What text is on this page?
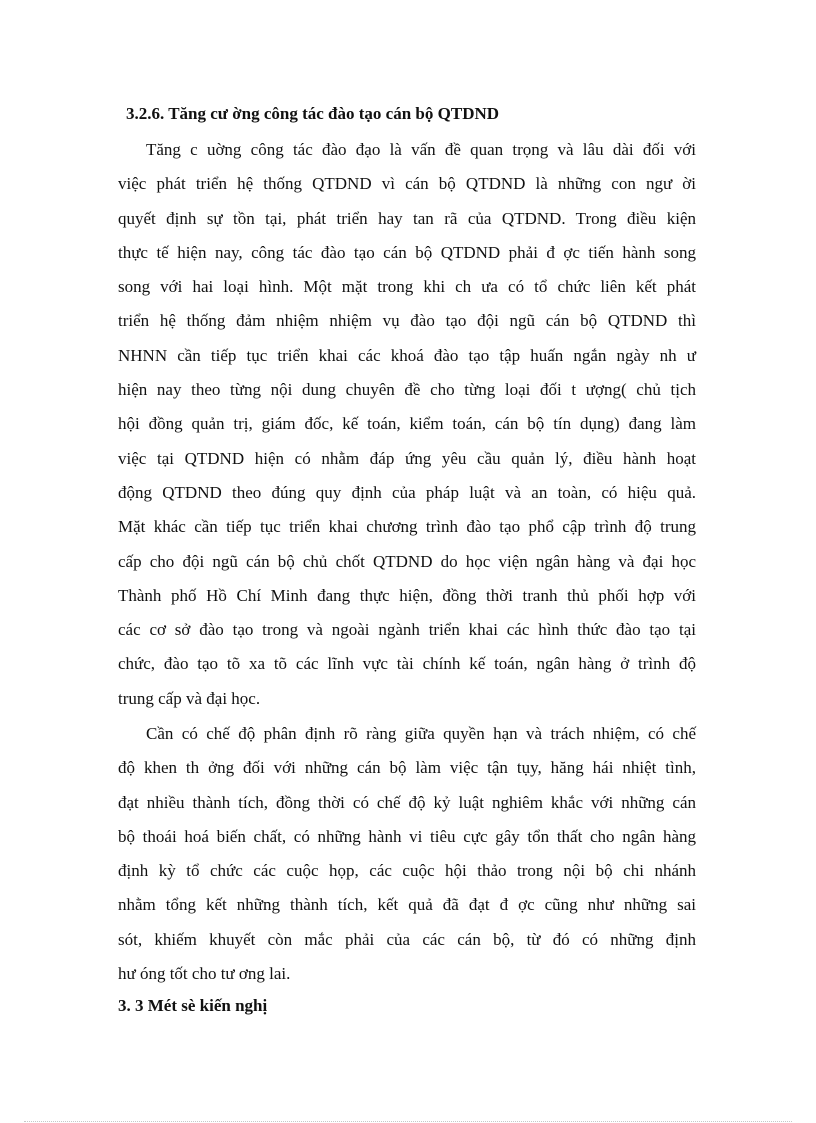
3.2.6. Tăng cư ờng công tác đào tạo cán bộ QTDND
Tăng c uờng công tác đào đạo là vấn đề quan trọng và lâu dài đối với
việc phát triển hệ thống QTDND vì cán bộ QTDND là những con ngư ời
quyết định sự tồn tại, phát triển hay tan rã của QTDND. Trong điều kiện
thực tế hiện nay, công tác đào tạo cán bộ QTDND phải đ ợc tiến hành song
song với hai loại hình. Một mặt trong khi ch ưa có tổ chức liên kết phát
triển hệ thống đảm nhiệm nhiệm vụ đào tạo đội ngũ cán bộ QTDND thì
NHNN cần tiếp tục triển khai các khoá đào tạo tập huấn ngắn ngày nh ư
hiện nay theo từng nội dung chuyên đề cho từng loại đối t ượng( chủ tịch
hội đồng quản trị, giám đốc, kế toán, kiểm toán, cán bộ tín dụng) đang làm
việc tại QTDND hiện có nhằm đáp ứng yêu cầu quản lý, điều hành hoạt
động QTDND theo đúng quy định của pháp luật và an toàn, có hiệu quả.
Mặt khác cần tiếp tục triển khai chương trình đào tạo phổ cập trình độ trung
cấp cho đội ngũ cán bộ chủ chốt QTDND do học viện ngân hàng và đại học
Thành phố Hồ Chí Minh đang thực hiện, đồng thời tranh thủ phối hợp với
các cơ sở đào tạo trong và ngoài ngành triển khai các hình thức đào tạo tại
chức, đào tạo tõ xa tõ các lĩnh vực tài chính kế toán, ngân hàng ở trình độ
trung cấp và đại học.
Cần có chế độ phân định rõ ràng giữa quyền hạn và trách nhiệm, có chế
độ khen th ởng đối với những cán bộ làm việc tận tụy, hăng hái nhiệt tình,
đạt nhiều thành tích, đồng thời có chế độ kỷ luật nghiêm khắc với những cán
bộ thoái hoá biến chất, có những hành vi tiêu cực gây tổn thất cho ngân hàng
định kỳ tổ chức các cuộc họp, các cuộc hội thảo trong nội bộ chi nhánh
nhằm tổng kết những thành tích, kết quả đã đạt đ ợc cũng như những sai
sót, khiếm khuyết còn mắc phải của các cán bộ, từ đó có những định
hư óng tốt cho tư ơng lai.
3. 3 Mét sè kiến nghị
